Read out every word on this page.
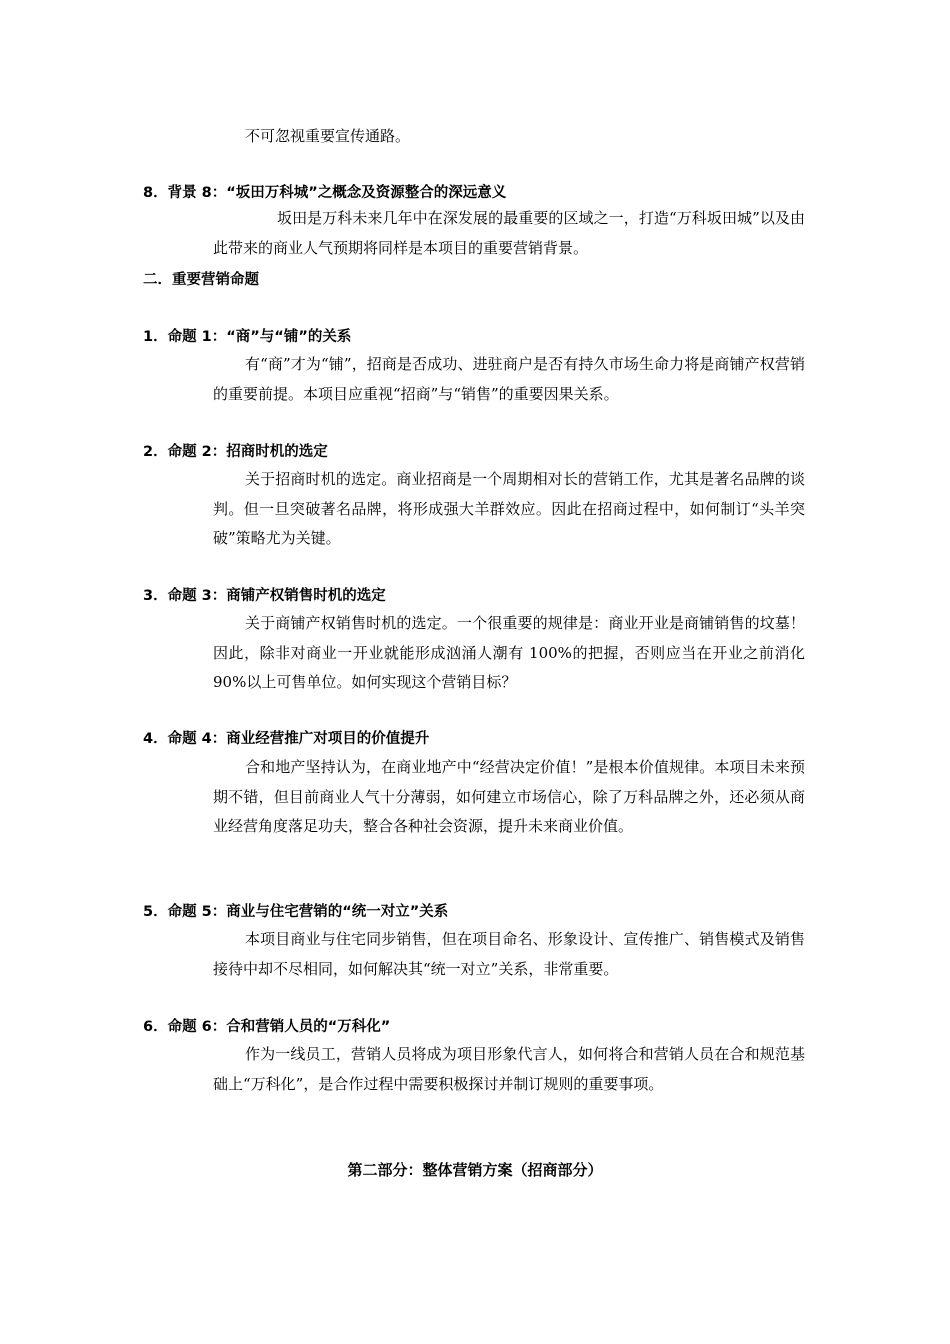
不可忽视重要宣传通路。
8．背景 8：“坂田万科城”之概念及资源整合的深远意义
坂田是万科未来几年中在深发展的最重要的区域之一，打造“万科坂田城”以及由此带来的商业人气预期将同样是本项目的重要营销背景。
二．重要营销命题
1．命题 1：“商”与“铺”的关系
有“商”才为“铺”，招商是否成功、进驻商户是否有持久市场生命力将是商铺产权营销的重要前提。本项目应重视“招商”与“销售”的重要因果关系。
2．命题 2：招商时机的选定
关于招商时机的选定。商业招商是一个周期相对长的营销工作，尤其是著名品牌的谈判。但一旦突破著名品牌，将形成强大羊群效应。因此在招商过程中，如何制订“头羊突破”策略尤为关键。
3．命题 3：商铺产权销售时机的选定
关于商铺产权销售时机的选定。一个很重要的规律是：商业开业是商铺销售的坟墓！因此，除非对商业一开业就能形成汹涌人潮有 100%的把握，否则应当在开业之前消化 90%以上可售单位。如何实现这个营销目标？
4．命题 4：商业经营推广对项目的价值提升
合和地产坚持认为，在商业地产中“经营决定价值！”是根本价值规律。本项目未来预期不错，但目前商业人气十分薄弱，如何建立市场信心，除了万科品牌之外，还必须从商业经营角度落足功夫，整合各种社会资源，提升未来商业价值。
5．命题 5：商业与住宅营销的“统一对立”关系
本项目商业与住宅同步销售，但在项目命名、形象设计、宣传推广、销售模式及销售接待中却不尽相同，如何解决其“统一对立”关系，非常重要。
6．命题 6：合和营销人员的“万科化”
作为一线员工，营销人员将成为项目形象代言人，如何将合和营销人员在合和规范基础上“万科化”，是合作过程中需要积极探讨并制订规则的重要事项。
第二部分：整体营销方案（招商部分）
